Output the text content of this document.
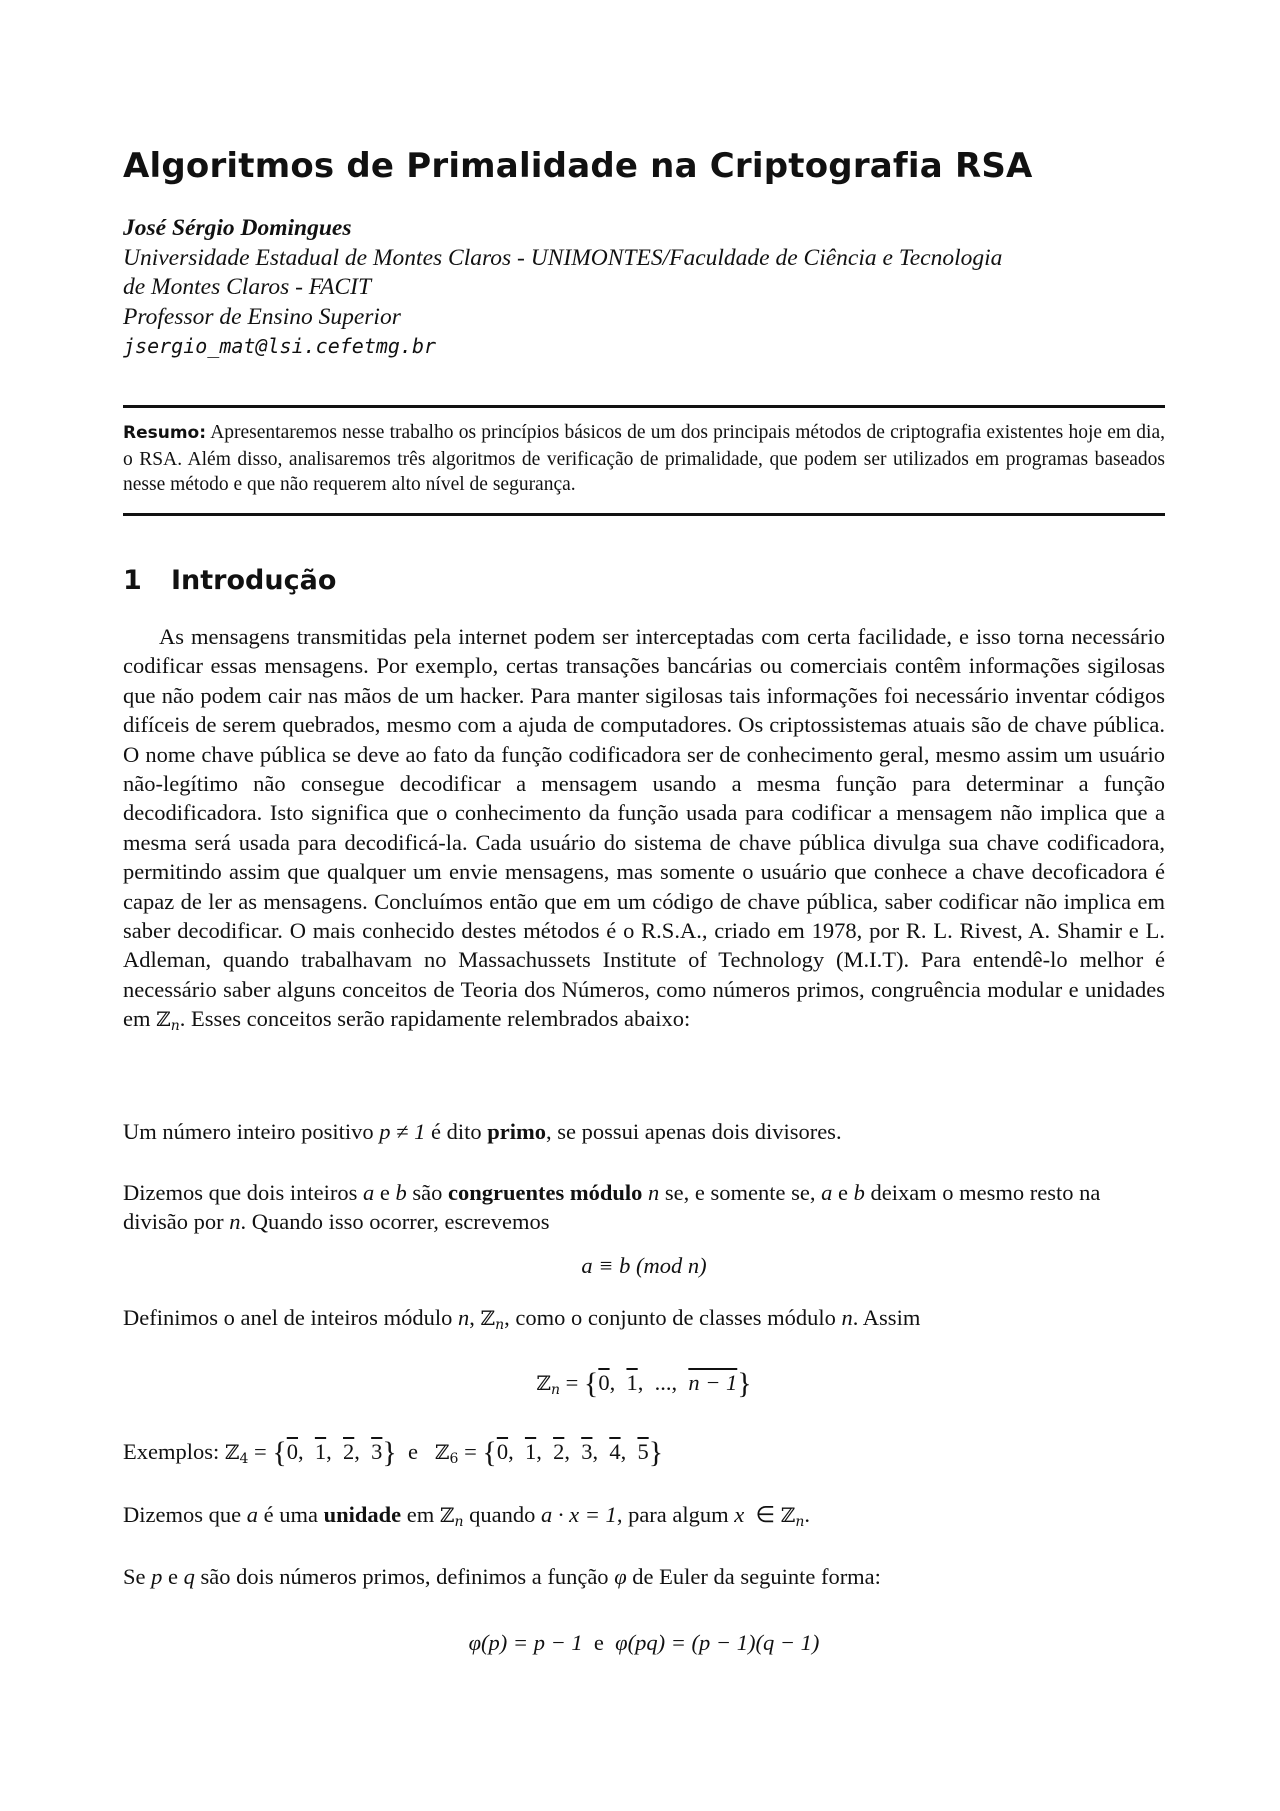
Algoritmos de Primalidade na Criptografia RSA
José Sérgio Domingues
Universidade Estadual de Montes Claros - UNIMONTES/Faculdade de Ciência e Tecnologia
de Montes Claros - FACIT
Professor de Ensino Superior
jsergio_mat@lsi.cefetmg.br
Resumo: Apresentaremos nesse trabalho os princípios básicos de um dos principais métodos de criptografia existentes hoje em dia, o RSA. Além disso, analisaremos três algoritmos de verificação de primalidade, que podem ser utilizados em programas baseados nesse método e que não requerem alto nível de segurança.
1 Introdução

As mensagens transmitidas pela internet podem ser interceptadas com certa facilidade, e isso torna necessário codificar essas mensagens. Por exemplo, certas transações bancárias ou comerciais contêm informações sigilosas que não podem cair nas mãos de um hacker. Para manter sigilosas tais informações foi necessário inventar códigos difíceis de serem quebrados, mesmo com a ajuda de computadores. Os criptossistemas atuais são de chave pública. O nome chave pública se deve ao fato da função codificadora ser de conhecimento geral, mesmo assim um usuário não-legítimo não consegue decodificar a mensagem usando a mesma função para determinar a função decodificadora. Isto significa que o conhecimento da função usada para codificar a mensagem não implica que a mesma será usada para decodificá-la. Cada usuário do sistema de chave pública divulga sua chave codificadora, permitindo assim que qualquer um envie mensagens, mas somente o usuário que conhece a chave decoficadora é capaz de ler as mensagens. Concluímos então que em um código de chave pública, saber codificar não implica em saber decodificar. O mais conhecido destes métodos é o R.S.A., criado em 1978, por R. L. Rivest, A. Shamir e L. Adleman, quando trabalhavam no Massachussets Institute of Technology (M.I.T). Para entendê-lo melhor é necessário saber alguns conceitos de Teoria dos Números, como números primos, congruência modular e unidades em ℤ$_n$. Esses conceitos serão rapidamente relembrados abaixo:

Um número inteiro positivo p ≠ 1 é dito primo, se possui apenas dois divisores.

Dizemos que dois inteiros a e b são congruentes módulo n se, e somente se, a e b deixam o mesmo resto na divisão por n. Quando isso ocorrer, escrevemos

a ≡ b (mod n)

Definimos o anel de inteiros módulo n, ℤ$_n$, como o conjunto de classes módulo n. Assim

ℤ$_n$ = {0,  1,  ...,  n − 1}
Exemplos: ℤ$_4$ = {0,  1,  2,  3} e ℤ$_6$ = {0,  1,  2,  3,  4,  5}

Dizemos que a é uma unidade em ℤ$_n$ quando a · x = 1, para algum x  ∈ ℤ$_n$.

Se p e q são dois números primos, definimos a função φ de Euler da seguinte forma:

φ(p) = p − 1 e φ(pq) = (p − 1)(q − 1)
